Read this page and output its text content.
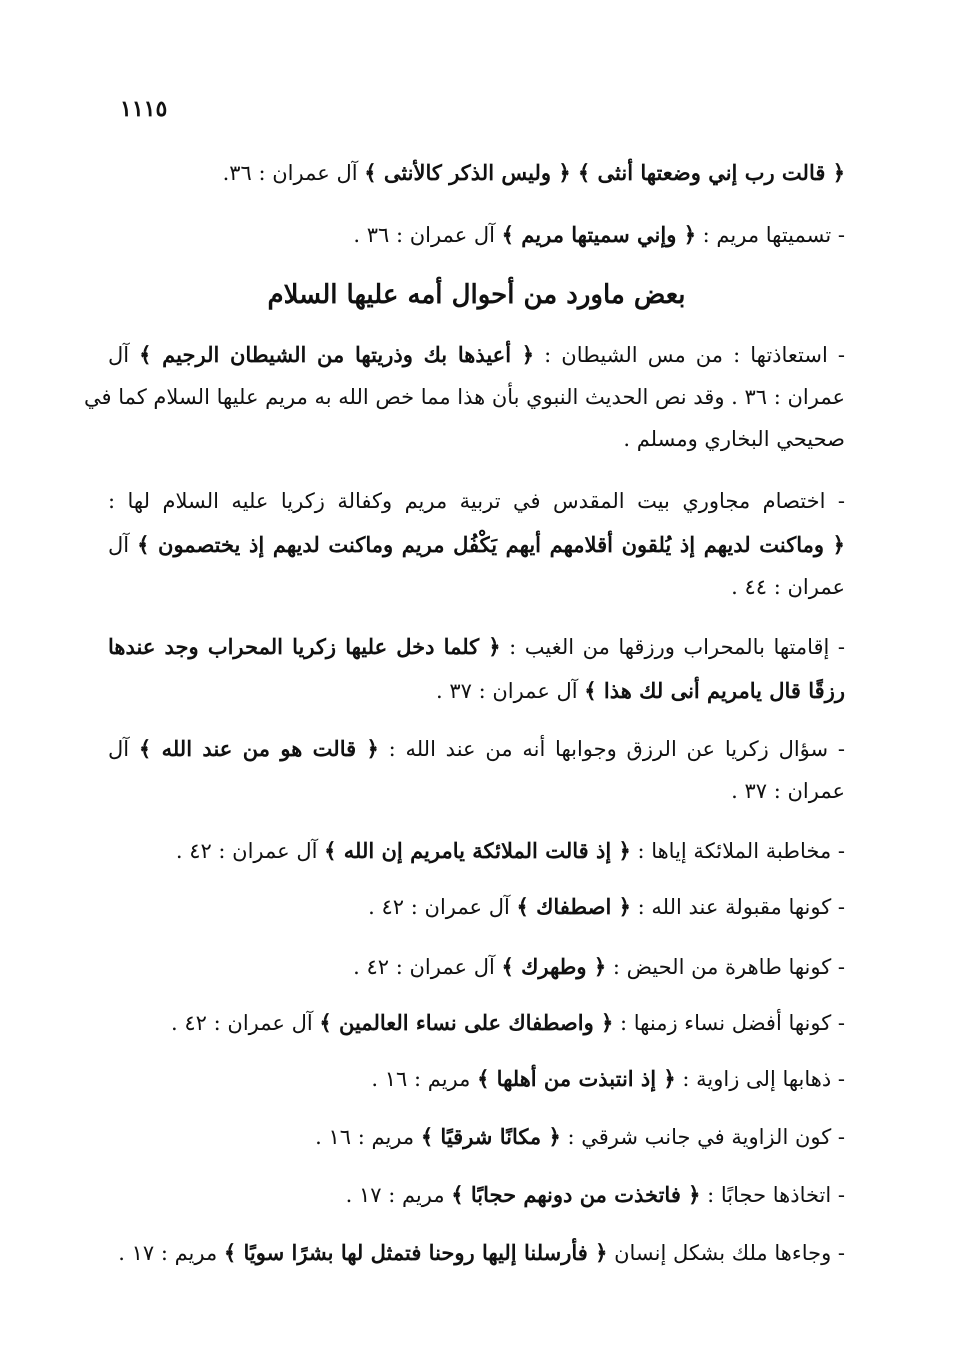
١١١٥
﴿ قالت رب إني وضعتها أنثى ﴾ ﴿ وليس الذكر كالأنثى ﴾ آل عمران : ٣٦.
- تسميتها مريم : ﴿ وإني سميتها مريم ﴾ آل عمران : ٣٦ .
بعض ماورد من أحوال أمه عليها السلام
- استعاذتها : من مس الشيطان : ﴿ أعيذها بك وذريتها من الشيطان الرجيم ﴾ آل
عمران : ٣٦ . وقد نص الحديث النبوي بأن هذا مما خص الله به مريم عليها السلام كما في
صحيحي البخاري ومسلم .
- اختصام مجاوري بيت المقدس في تربية مريم وكفالة زكريا عليه السلام لها :
﴿ وماكنت لديهم إذ يُلقون أقلامهم أيهم يَكْفُل مريم وماكنت لديهم إذ يختصمون ﴾ آل
عمران : ٤٤ .
- إقامتها بالمحراب ورزقها من الغيب : ﴿ كلما دخل عليها زكريا المحراب وجد عندها
رزقًا قال يامريم أنى لك هذا ﴾ آل عمران : ٣٧ .
- سؤال زكريا عن الرزق وجوابها أنه من عند الله : ﴿ قالت هو من عند الله ﴾ آل
عمران : ٣٧ .
- مخاطبة الملائكة إياها : ﴿ إذ قالت الملائكة يامريم إن الله ﴾ آل عمران : ٤٢ .
- كونها مقبولة عند الله : ﴿ اصطفاك ﴾ آل عمران : ٤٢ .
- كونها طاهرة من الحيض : ﴿ وطهرك ﴾ آل عمران : ٤٢ .
- كونها أفضل نساء زمنها : ﴿ واصطفاك على نساء العالمين ﴾ آل عمران : ٤٢ .
- ذهابها إلى زاوية : ﴿ إذ انتبذت من أهلها ﴾ مريم : ١٦ .
- كون الزاوية في جانب شرقي : ﴿ مكانًا شرقيًا ﴾ مريم : ١٦ .
- اتخاذها حجابًا : ﴿ فاتخذت من دونهم حجابًا ﴾ مريم : ١٧ .
- وجاءها ملك بشكل إنسان ﴿ فأرسلنا إليها روحنا فتمثل لها بشرًا سويًا ﴾ مريم : ١٧ .
